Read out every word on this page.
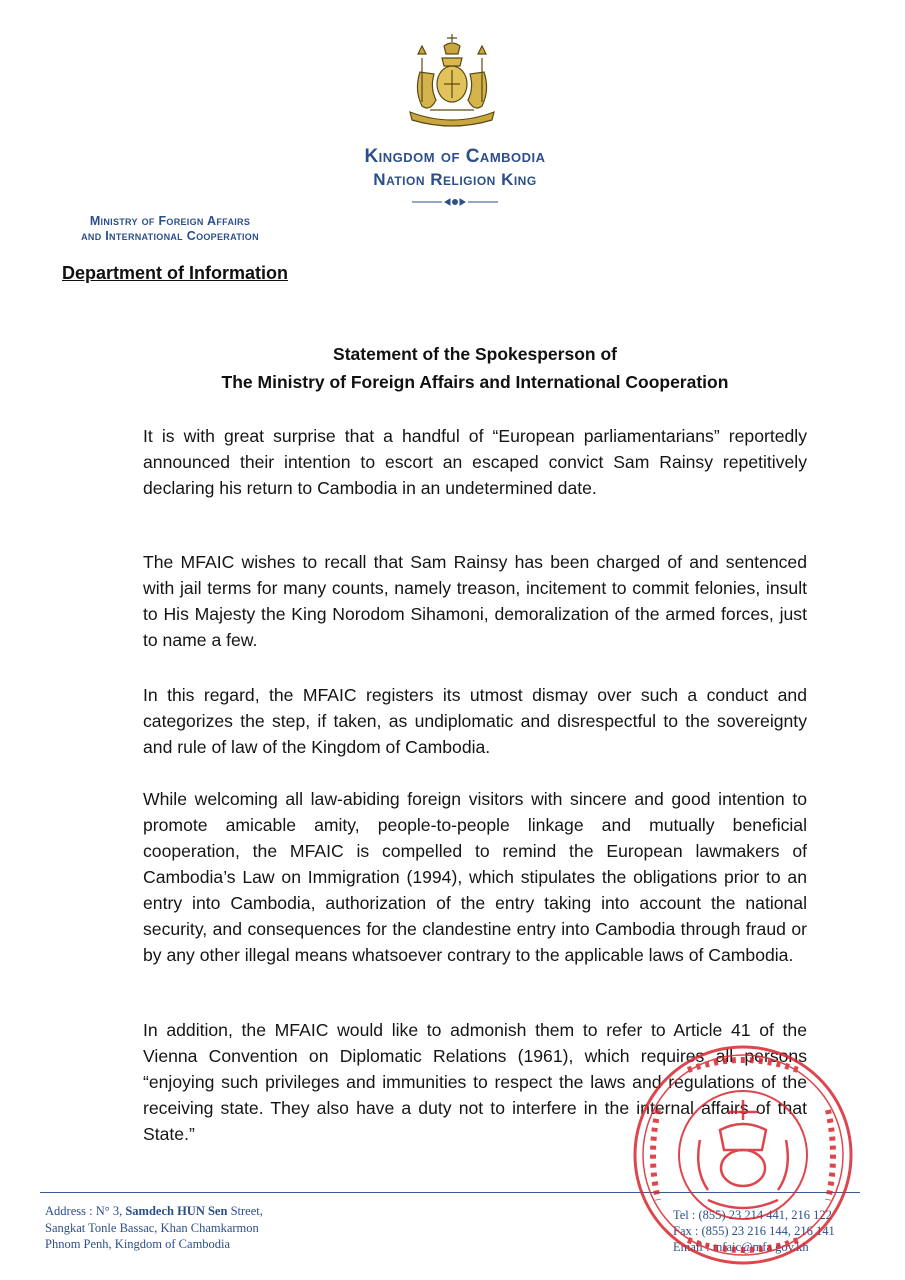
Kingdom of Cambodia
Nation Religion King
Ministry of Foreign Affairs
and International Cooperation
Department of Information
Statement of the Spokesperson of
The Ministry of Foreign Affairs and International Cooperation

It is with great surprise that a handful of “European parliamentarians” reportedly announced their intention to escort an escaped convict Sam Rainsy repetitively declaring his return to Cambodia in an undetermined date.

The MFAIC wishes to recall that Sam Rainsy has been charged of and sentenced with jail terms for many counts, namely treason, incitement to commit felonies, insult to His Majesty the King Norodom Sihamoni, demoralization of the armed forces, just to name a few.

In this regard, the MFAIC registers its utmost dismay over such a conduct and categorizes the step, if taken, as undiplomatic and disrespectful to the sovereignty and rule of law of the Kingdom of Cambodia.

While welcoming all law-abiding foreign visitors with sincere and good intention to promote amicable amity, people-to-people linkage and mutually beneficial cooperation, the MFAIC is compelled to remind the European lawmakers of Cambodia’s Law on Immigration (1994), which stipulates the obligations prior to an entry into Cambodia, authorization of the entry taking into account the national security, and consequences for the clandestine entry into Cambodia through fraud or by any other illegal means whatsoever contrary to the applicable laws of Cambodia.

In addition, the MFAIC would like to admonish them to refer to Article 41 of the Vienna Convention on Diplomatic Relations (1961), which requires all persons “enjoying such privileges and immunities to respect the laws and regulations of the receiving state. They also have a duty not to interfere in the internal affairs of that State.”

Address : N° 3, Samdech HUN Sen Street,
Sangkat Tonle Bassac, Khan Chamkarmon
Phnom Penh, Kingdom of Cambodia
Tel : (855) 23 214 441, 216 122
Fax : (855) 23 216 144, 216 141
Email : mfaic@mfa.gov.kh
